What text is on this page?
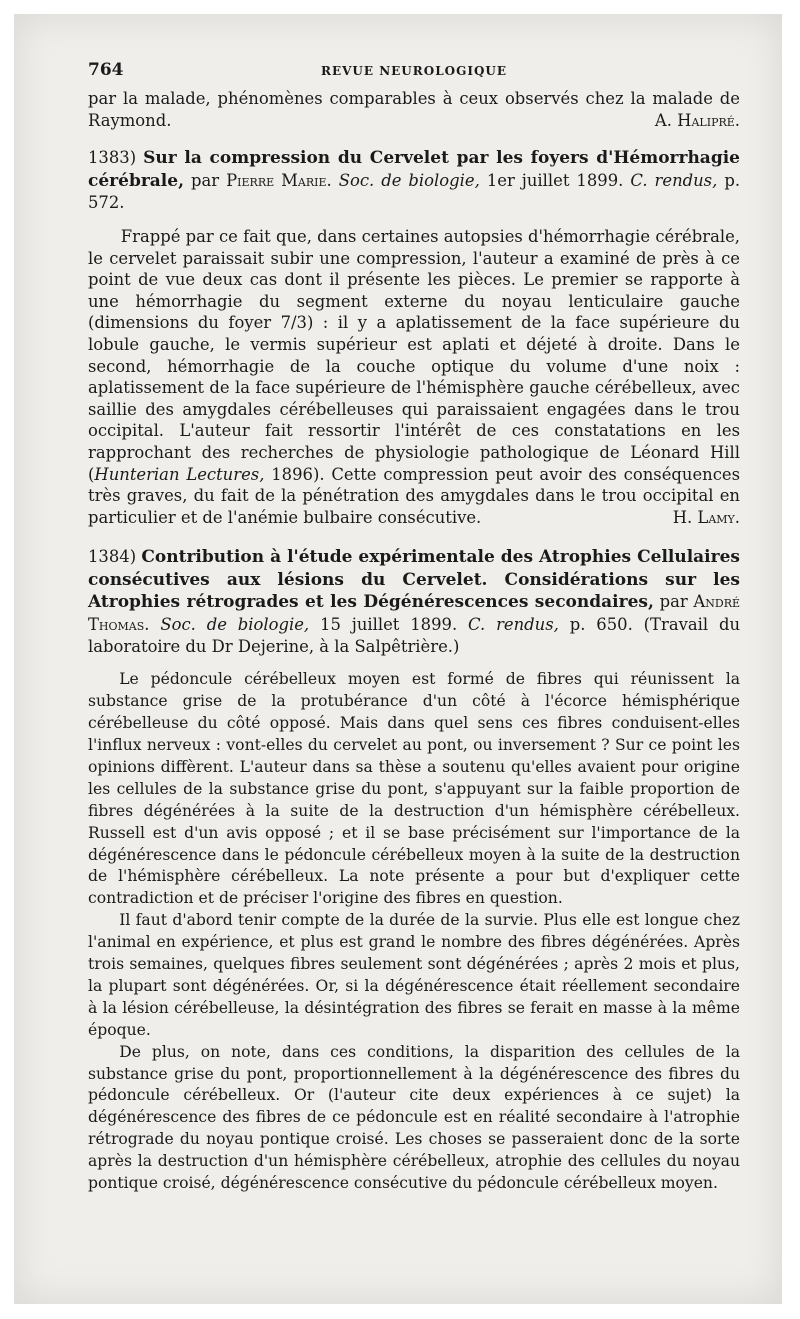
764	REVUE NEUROLOGIQUE

par la malade, phénomènes comparables à ceux observés chez la malade de Raymond.	A. Halipré.

1383) Sur la compression du Cervelet par les foyers d'Hémorrhagie cérébrale, par Pierre Marie. Soc. de biologie, 1er juillet 1899. C. rendus, p. 572.

Frappé par ce fait que, dans certaines autopsies d'hémorrhagie cérébrale, le cervelet paraissait subir une compression, l'auteur a examiné de près à ce point de vue deux cas dont il présente les pièces. Le premier se rapporte à une hémorrhagie du segment externe du noyau lenticulaire gauche (dimensions du foyer 7/3) : il y a aplatissement de la face supérieure du lobule gauche, le vermis supérieur est aplati et déjeté à droite. Dans le second, hémorrhagie de la couche optique du volume d'une noix : aplatissement de la face supérieure de l'hémisphère gauche cérébelleux, avec saillie des amygdales cérébelleuses qui paraissaient engagées dans le trou occipital. L'auteur fait ressortir l'intérêt de ces constatations en les rapprochant des recherches de physiologie pathologique de Léonard Hill (Hunterian Lectures, 1896). Cette compression peut avoir des conséquences très graves, du fait de la pénétration des amygdales dans le trou occipital en particulier et de l'anémie bulbaire consécutive.	H. Lamy.

1384) Contribution à l'étude expérimentale des Atrophies Cellulaires consécutives aux lésions du Cervelet. Considérations sur les Atrophies rétrogrades et les Dégénérescences secondaires, par André Thomas. Soc. de biologie, 15 juillet 1899. C. rendus, p. 650. (Travail du laboratoire du Dr Dejerine, à la Salpêtrière.)

Le pédoncule cérébelleux moyen est formé de fibres qui réunissent la substance grise de la protubérance d'un côté à l'écorce hémisphérique cérébelleuse du côté opposé. Mais dans quel sens ces fibres conduisent-elles l'influx nerveux : vont-elles du cervelet au pont, ou inversement ? Sur ce point les opinions diffèrent. L'auteur dans sa thèse a soutenu qu'elles avaient pour origine les cellules de la substance grise du pont, s'appuyant sur la faible proportion de fibres dégénérées à la suite de la destruction d'un hémisphère cérébelleux. Russell est d'un avis opposé ; et il se base précisément sur l'importance de la dégénérescence dans le pédoncule cérébelleux moyen à la suite de la destruction de l'hémisphère cérébelleux. La note présente a pour but d'expliquer cette contradiction et de préciser l'origine des fibres en question.

Il faut d'abord tenir compte de la durée de la survie. Plus elle est longue chez l'animal en expérience, et plus est grand le nombre des fibres dégénérées. Après trois semaines, quelques fibres seulement sont dégénérées ; après 2 mois et plus, la plupart sont dégénérées. Or, si la dégénérescence était réellement secondaire à la lésion cérébelleuse, la désintégration des fibres se ferait en masse à la même époque.

De plus, on note, dans ces conditions, la disparition des cellules de la substance grise du pont, proportionnellement à la dégénérescence des fibres du pédoncule cérébelleux. Or (l'auteur cite deux expériences à ce sujet) la dégénérescence des fibres de ce pédoncule est en réalité secondaire à l'atrophie rétrograde du noyau pontique croisé. Les choses se passeraient donc de la sorte après la destruction d'un hémisphère cérébelleux, atrophie des cellules du noyau pontique croisé, dégénérescence consécutive du pédoncule cérébelleux moyen.
